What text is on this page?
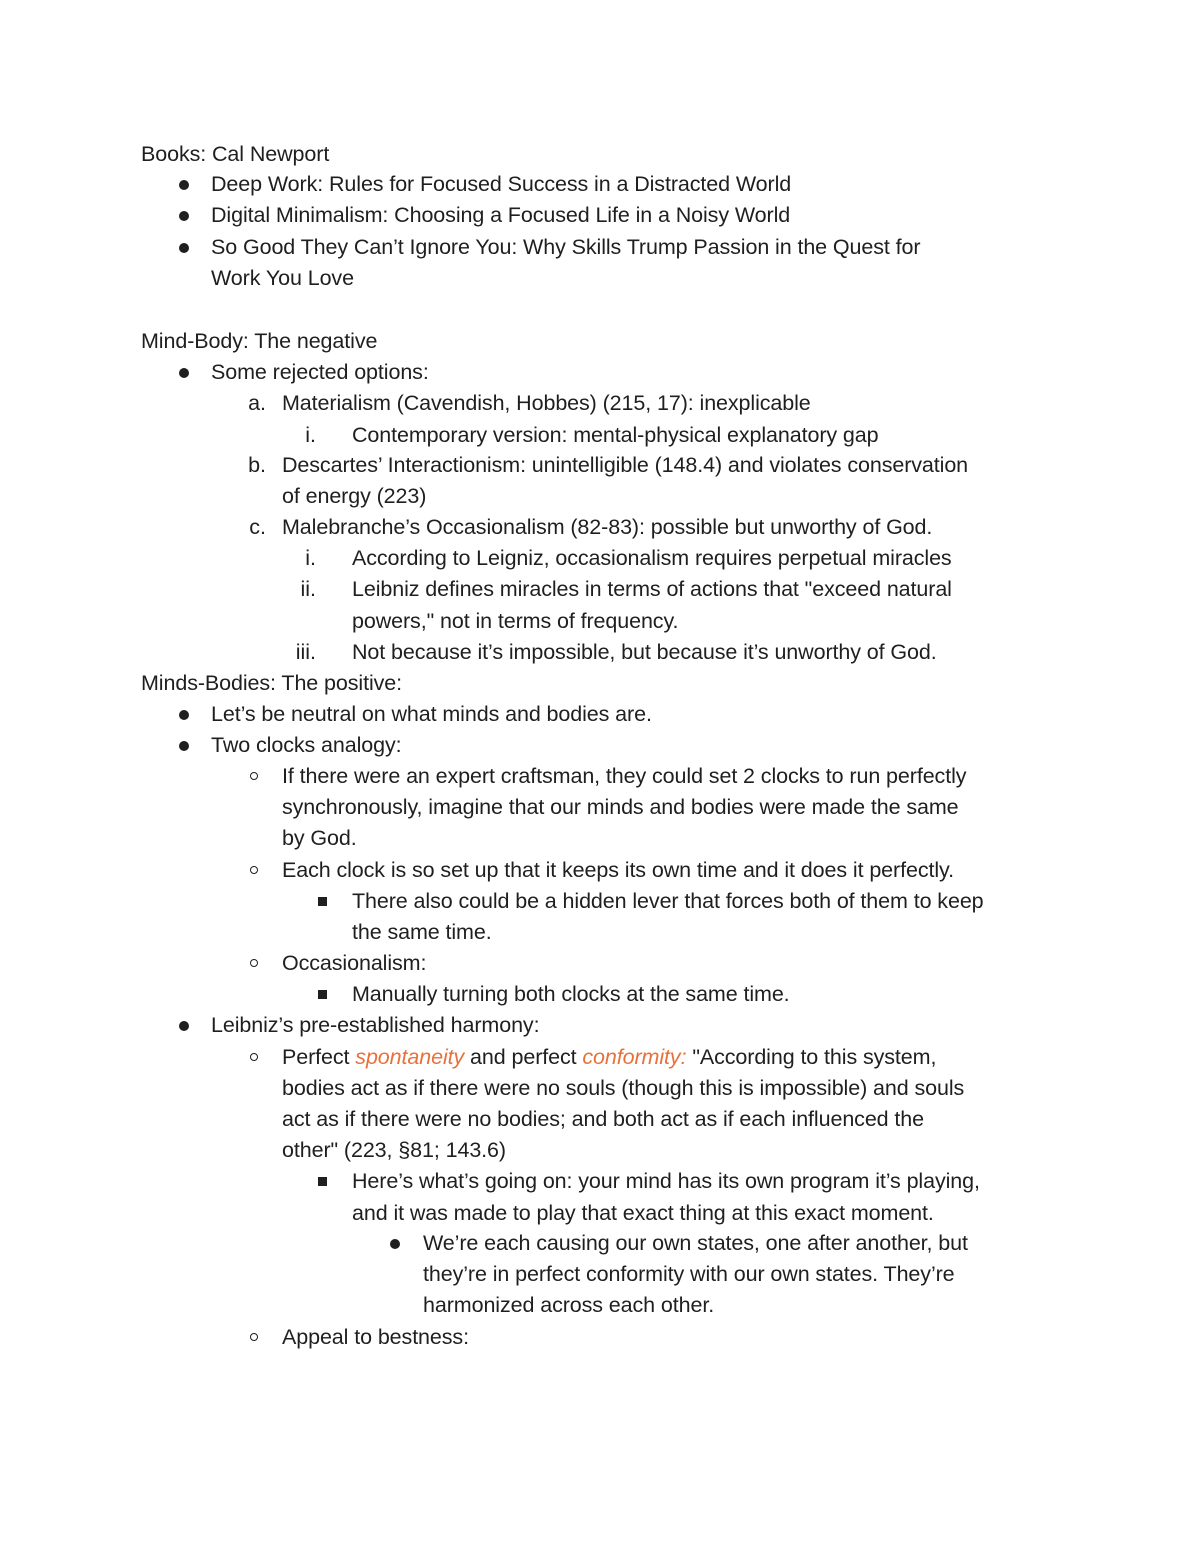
Books: Cal Newport
Deep Work: Rules for Focused Success in a Distracted World
Digital Minimalism: Choosing a Focused Life in a Noisy World
So Good They Can’t Ignore You: Why Skills Trump Passion in the Quest for
Work You Love
Mind-Body: The negative
Some rejected options:
a. Materialism (Cavendish, Hobbes) (215, 17): inexplicable
i. Contemporary version: mental-physical explanatory gap
b. Descartes’ Interactionism: unintelligible (148.4) and violates conservation
of energy (223)
c. Malebranche’s Occasionalism (82-83): possible but unworthy of God.
i. According to Leigniz, occasionalism requires perpetual miracles
ii. Leibniz defines miracles in terms of actions that "exceed natural
powers," not in terms of frequency.
iii. Not because it’s impossible, but because it’s unworthy of God.
Minds-Bodies: The positive:
Let’s be neutral on what minds and bodies are.
Two clocks analogy:
If there were an expert craftsman, they could set 2 clocks to run perfectly
synchronously, imagine that our minds and bodies were made the same
by God.
Each clock is so set up that it keeps its own time and it does it perfectly.
There also could be a hidden lever that forces both of them to keep
the same time.
Occasionalism:
Manually turning both clocks at the same time.
Leibniz’s pre-established harmony:
Perfect spontaneity and perfect conformity: "According to this system,
bodies act as if there were no souls (though this is impossible) and souls
act as if there were no bodies; and both act as if each influenced the
other" (223, §81; 143.6)
Here’s what’s going on: your mind has its own program it’s playing,
and it was made to play that exact thing at this exact moment.
We’re each causing our own states, one after another, but
they’re in perfect conformity with our own states. They’re
harmonized across each other.
Appeal to bestness:
